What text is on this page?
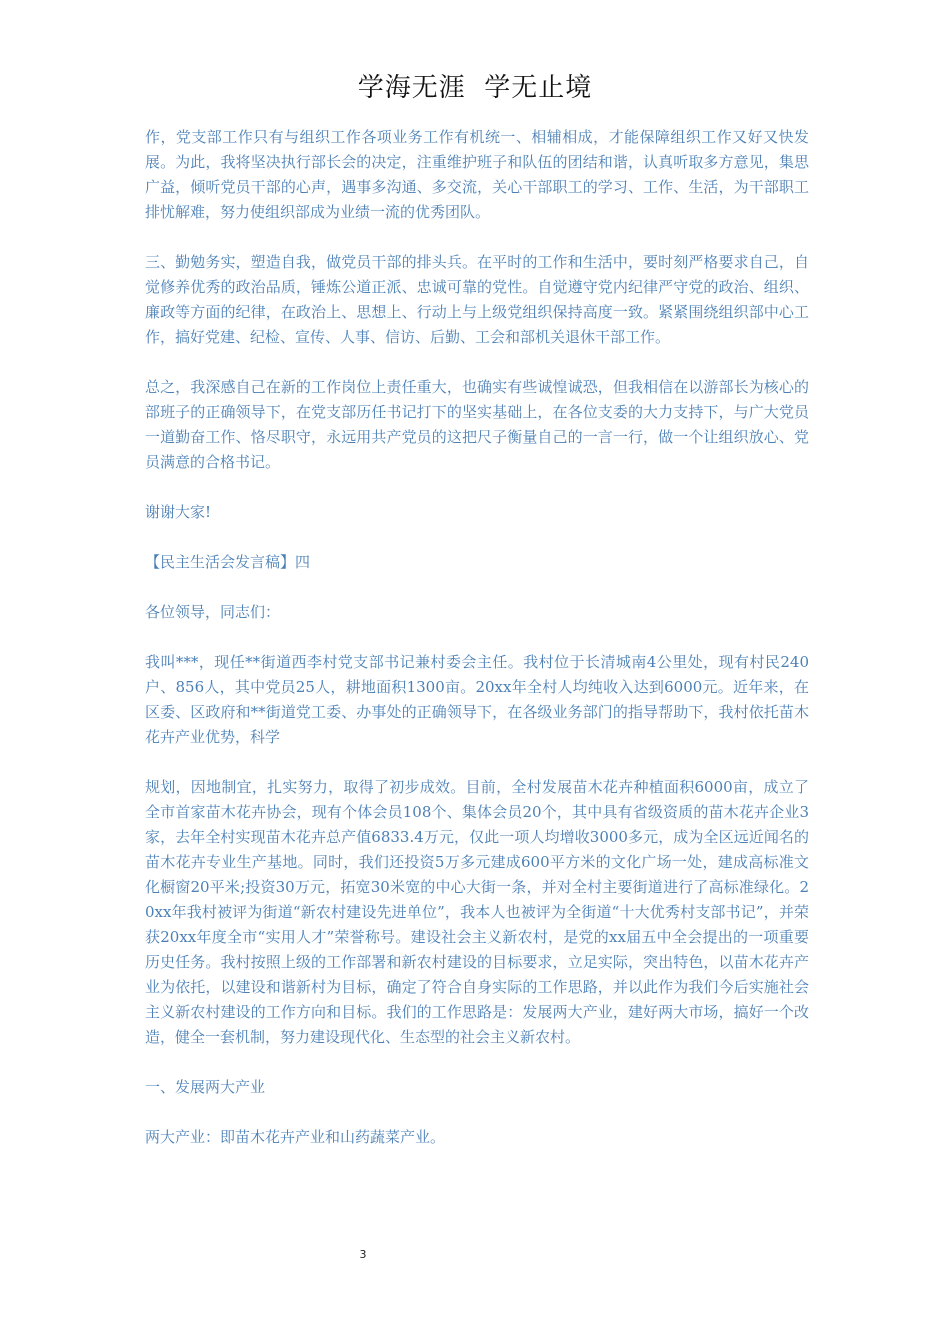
学海无涯  学无止境

作，党支部工作只有与组织工作各项业务工作有机统一、相辅相成，才能保障组织工作又好又快发展。为此，我将坚决执行部长会的决定，注重维护班子和队伍的团结和谐，认真听取多方意见，集思广益，倾听党员干部的心声，遇事多沟通、多交流，关心干部职工的学习、工作、生活，为干部职工排忧解难，努力使组织部成为业绩一流的优秀团队。

三、勤勉务实，塑造自我，做党员干部的排头兵。在平时的工作和生活中，要时刻严格要求自己，自觉修养优秀的政治品质，锤炼公道正派、忠诚可靠的党性。自觉遵守党内纪律严守党的政治、组织、廉政等方面的纪律，在政治上、思想上、行动上与上级党组织保持高度一致。紧紧围绕组织部中心工作，搞好党建、纪检、宣传、人事、信访、后勤、工会和部机关退休干部工作。

总之，我深感自己在新的工作岗位上责任重大，也确实有些诚惶诚恐，但我相信在以游部长为核心的部班子的正确领导下，在党支部历任书记打下的坚实基础上，在各位支委的大力支持下，与广大党员一道勤奋工作、恪尽职守，永远用共产党员的这把尺子衡量自己的一言一行，做一个让组织放心、党员满意的合格书记。

谢谢大家!

【民主生活会发言稿】四

各位领导，同志们：

我叫***，现任**街道西李村党支部书记兼村委会主任。我村位于长清城南4公里处，现有村民240户、856人，其中党员25人，耕地面积1300亩。20xx年全村人均纯收入达到6000元。近年来，在区委、区政府和**街道党工委、办事处的正确领导下，在各级业务部门的指导帮助下，我村依托苗木花卉产业优势，科学

规划，因地制宜，扎实努力，取得了初步成效。目前，全村发展苗木花卉种植面积6000亩，成立了全市首家苗木花卉协会，现有个体会员108个、集体会员20个，其中具有省级资质的苗木花卉企业3家，去年全村实现苗木花卉总产值6833.4万元，仅此一项人均增收3000多元，成为全区远近闻名的苗木花卉专业生产基地。同时，我们还投资5万多元建成600平方米的文化广场一处，建成高标准文化橱窗20平米;投资30万元，拓宽30米宽的中心大街一条，并对全村主要街道进行了高标准绿化。20xx年我村被评为街道“新农村建设先进单位”，我本人也被评为全街道“十大优秀村支部书记”，并荣获20xx年度全市“实用人才”荣誉称号。建设社会主义新农村，是党的xx届五中全会提出的一项重要历史任务。我村按照上级的工作部署和新农村建设的目标要求，立足实际，突出特色，以苗木花卉产业为依托，以建设和谐新村为目标，确定了符合自身实际的工作思路，并以此作为我们今后实施社会主义新农村建设的工作方向和目标。我们的工作思路是：发展两大产业，建好两大市场，搞好一个改造，健全一套机制，努力建设现代化、生态型的社会主义新农村。

一、发展两大产业

两大产业：即苗木花卉产业和山药蔬菜产业。

3
